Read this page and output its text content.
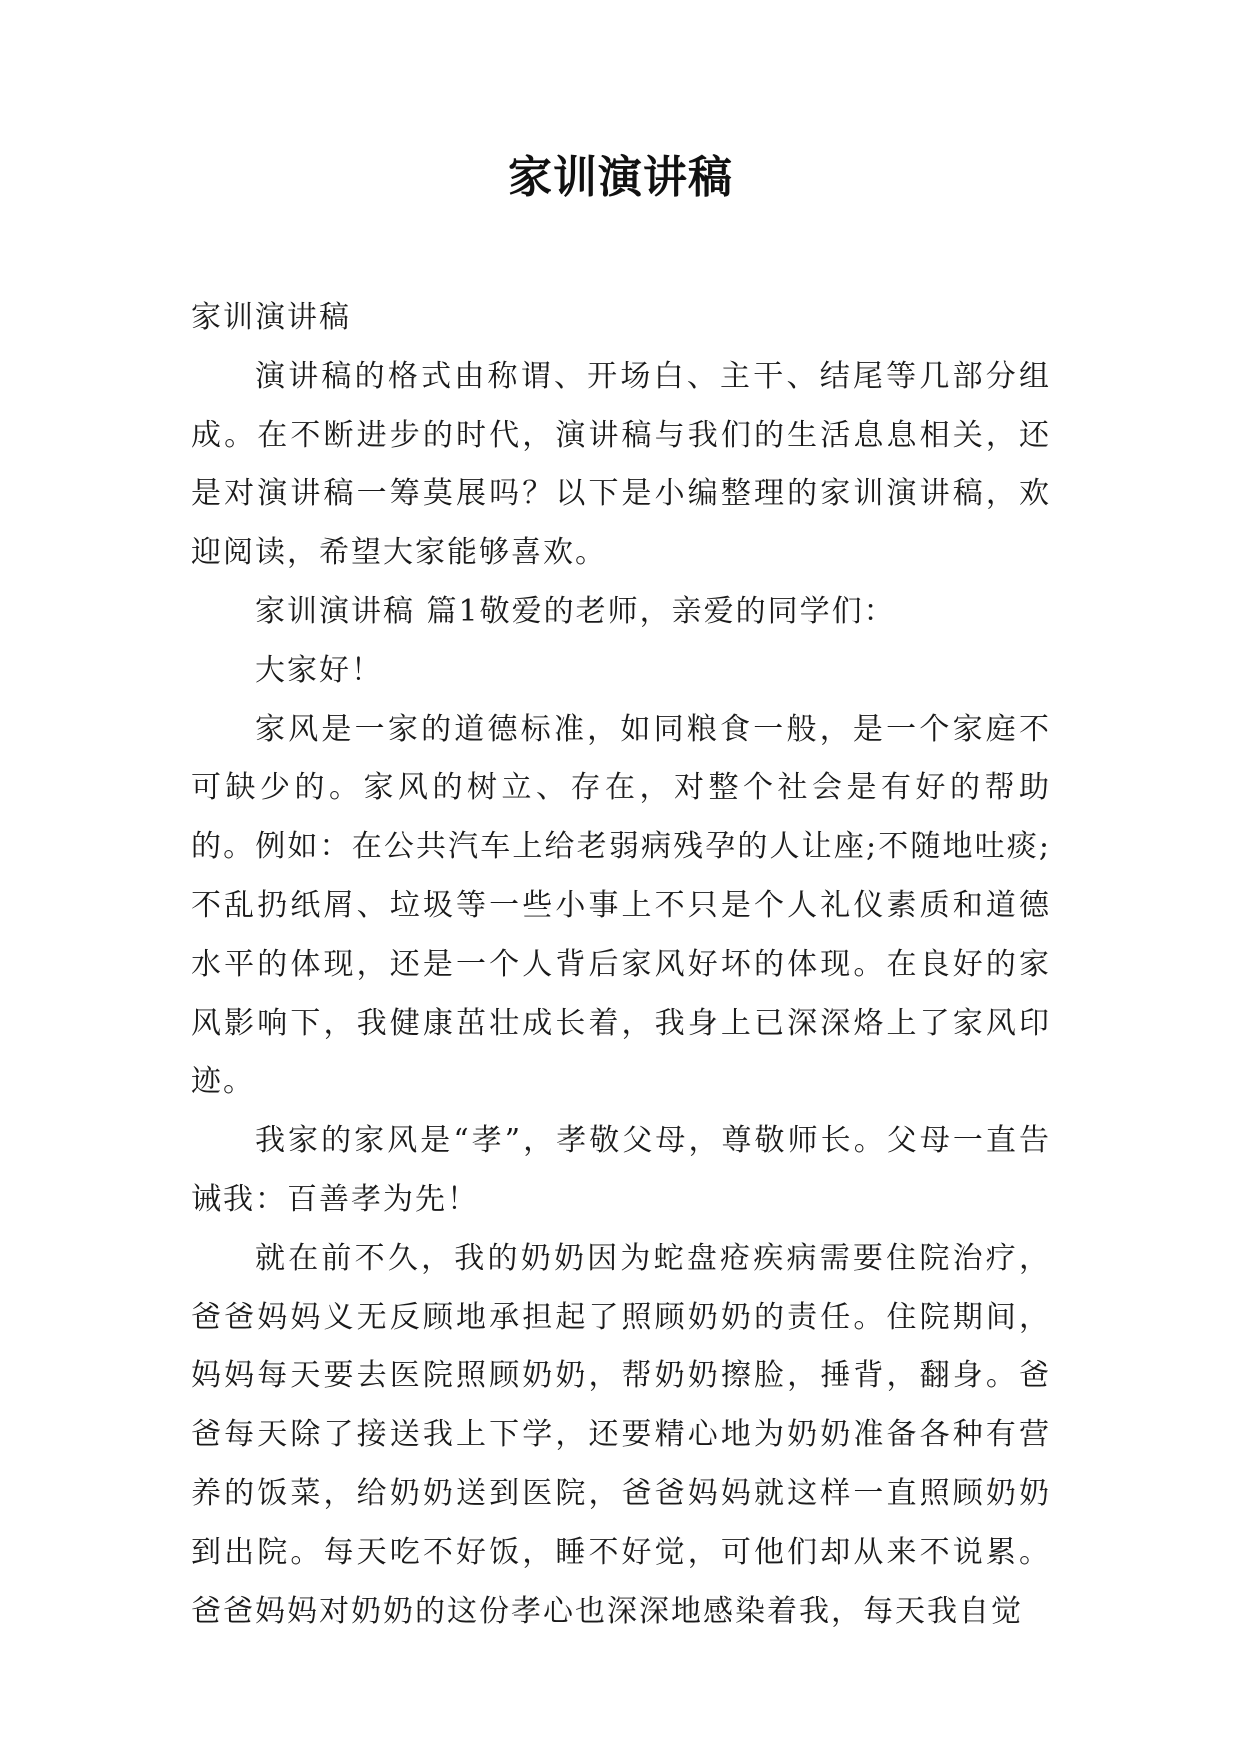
家训演讲稿

家训演讲稿

演讲稿的格式由称谓、开场白、主干、结尾等几部分组成。在不断进步的时代，演讲稿与我们的生活息息相关，还是对演讲稿一筹莫展吗？以下是小编整理的家训演讲稿，欢迎阅读，希望大家能够喜欢。

家训演讲稿 篇1敬爱的老师，亲爱的同学们：

大家好！

家风是一家的道德标准，如同粮食一般，是一个家庭不可缺少的。家风的树立、存在，对整个社会是有好的帮助的。例如：在公共汽车上给老弱病残孕的人让座;不随地吐痰;不乱扔纸屑、垃圾等一些小事上不只是个人礼仪素质和道德水平的体现，还是一个人背后家风好坏的体现。在良好的家风影响下，我健康茁壮成长着，我身上已深深烙上了家风印迹。

我家的家风是“孝”，孝敬父母，尊敬师长。父母一直告诫我：百善孝为先！

就在前不久，我的奶奶因为蛇盘疮疾病需要住院治疗，爸爸妈妈义无反顾地承担起了照顾奶奶的责任。住院期间，妈妈每天要去医院照顾奶奶，帮奶奶擦脸，捶背，翻身。爸爸每天除了接送我上下学，还要精心地为奶奶准备各种有营养的饭菜，给奶奶送到医院，爸爸妈妈就这样一直照顾奶奶到出院。每天吃不好饭，睡不好觉，可他们却从来不说累。爸爸妈妈对奶奶的这份孝心也深深地感染着我，每天我自觉
